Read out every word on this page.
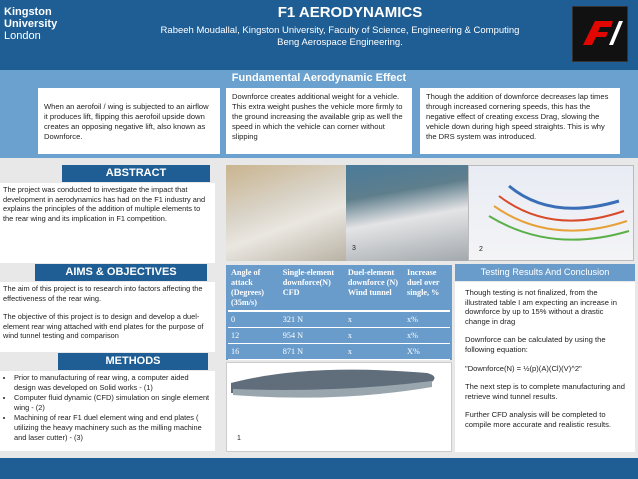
Kingston
University
London
F1 AERODYNAMICS
Rabeeh Moudallal, Kingston University, Faculty of Science, Engineering & Computing
Beng Aerospace Engineering.
Fundamental Aerodynamic Effect
When an aerofoil / wing is subjected to an airflow it produces lift, flipping this aerofoil upside down creates an opposing negative lift, also known as Downforce.
Downforce creates additional weight for a vehicle. This extra weight pushes the vehicle more firmly to the ground increasing the available grip as well the speed in which the vehicle can corner without slipping
Though the addition of downforce decreases lap times through increased cornering speeds, this has the negative effect of creating excess Drag, slowing the vehicle down during high speed straights. This is why the DRS system was introduced.
ABSTRACT
The project was conducted to investigate the impact that development in aerodynamics has had on the F1 industry and explains the principles of the addition of multiple elements to the rear wing and its implication in F1 competition.
AIMS & OBJECTIVES

The aim of this project is to research into factors affecting the effectiveness of the rear wing.

The objective of this project is to design and develop a duel-element rear wing attached with end plates for the purpose of wind tunnel testing and comparison

METHODS
• Prior to manufacturing of rear wing, a computer aided design was developed on Solid works - (1)
• Computer fluid dynamic (CFD) simulation on single element wing - (2)
• Machining of rear F1 duel element wing and end plates ( utilizing the heavy machinery such as the milling machine and laser cutter) - (3)
3	2
Angle of attack (Degrees) (35m/s)	Single-element downforce(N) CFD	Duel-element downforce (N) Wind tunnel	Increase duel over single, %
0	321 N	x	x%
12	954 N	x	x%
16	871 N	x	X%
1
Testing Results And Conclusion

Though testing is not finalized, from the illustrated table I am expecting an increase in downforce by up to 15% without a drastic change in drag

Downforce can be calculated by using the following equation:

"Downforce(N) = ½(p)(A)(Cl)(V)^2"

The next step is to complete manufacturing and retrieve wind tunnel results.

Further CFD analysis will be completed to compile more accurate and realistic results.
